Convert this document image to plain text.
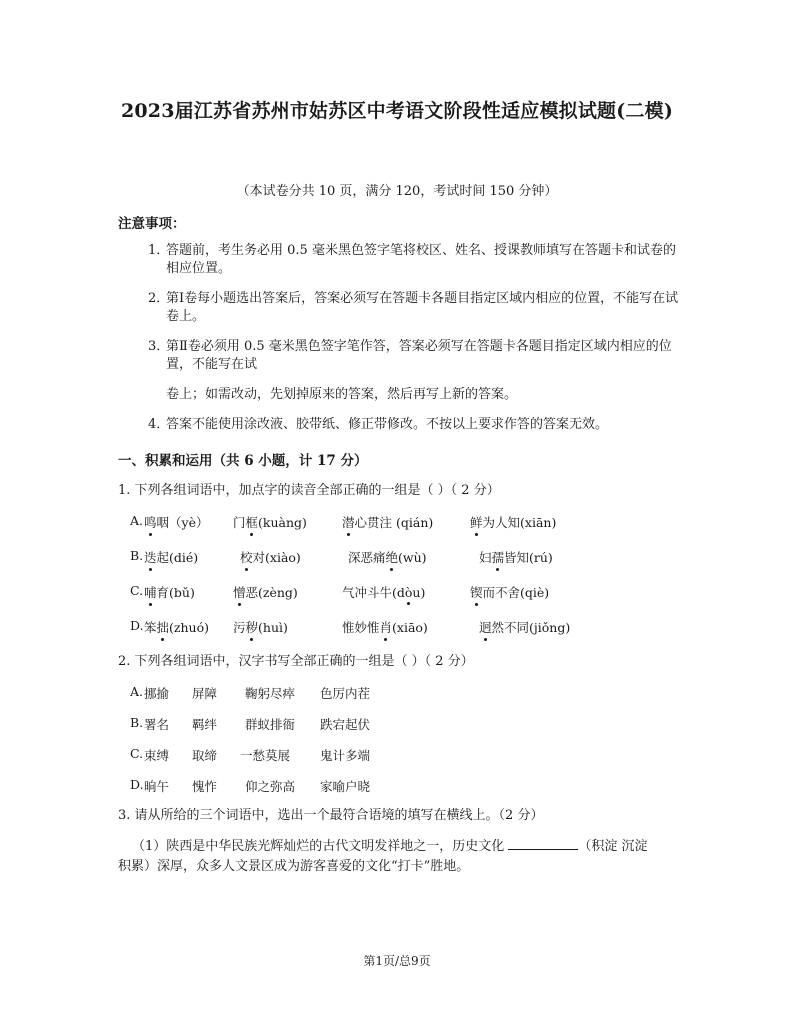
2023届江苏省苏州市姑苏区中考语文阶段性适应模拟试题(二模)
（本试卷分共 10 页，满分 120，考试时间 150 分钟）
注意事项：
1．
答题前，考生务必用 0.5 毫米黑色签字笔将校区、姓名、授课教师填写在答题卡和试卷的相应位置。
2．
第Ⅰ卷每小题选出答案后，答案必须写在答题卡各题目指定区域内相应的位置，不能写在试卷上。
3．
第Ⅱ卷必须用 0.5 毫米黑色签字笔作答，答案必须写在答题卡各题目指定区域内相应的位置，不能写在试
卷上；如需改动，先划掉原来的答案，然后再写上新的答案。
4．
答案不能使用涂改液、胶带纸、修正带修改。不按以上要求作答的答案无效。
一、积累和运用（共 6 小题，计 17 分）
1. 下列各组词语中，加点字的读音全部正确的一组是（ ）（ 2 分）
A. 鸣咽（yè） 门框(kuàng)	潜心贯注 (qián)	鲜为人知(xiān)
B. 迭起(dié)	校对(xiào)	深恶痛绝(wù)	妇孺皆知(rú)
C. 哺育(bǔ)	憎恶(zèng)	气冲斗牛(dòu)	锲而不舍(qiè)
D. 笨拙(zhuó) 污秽(huì)	惟妙惟肖(xiāo)	迥然不同(jiǒng)
2. 下列各组词语中，汉字书写全部正确的一组是（ ）（ 2 分）
A. 挪揄 屏障 鞠躬尽瘁 色厉内茬
B. 署名 羁绊 群蚁排衙 跌宕起伏
C. 束缚 取缔 一愁莫展 鬼计多端
D. 晌午 愧怍 仰之弥高 家喻户晓
3. 请从所给的三个词语中，选出一个最符合语境的填写在横线上。（2 分）
（1）陕西是中华民族光辉灿烂的古代文明发祥地之一，历史文化	（积淀 沉淀
积累）深厚，众多人文景区成为游客喜爱的文化“打卡”胜地。
第1页/总9页
